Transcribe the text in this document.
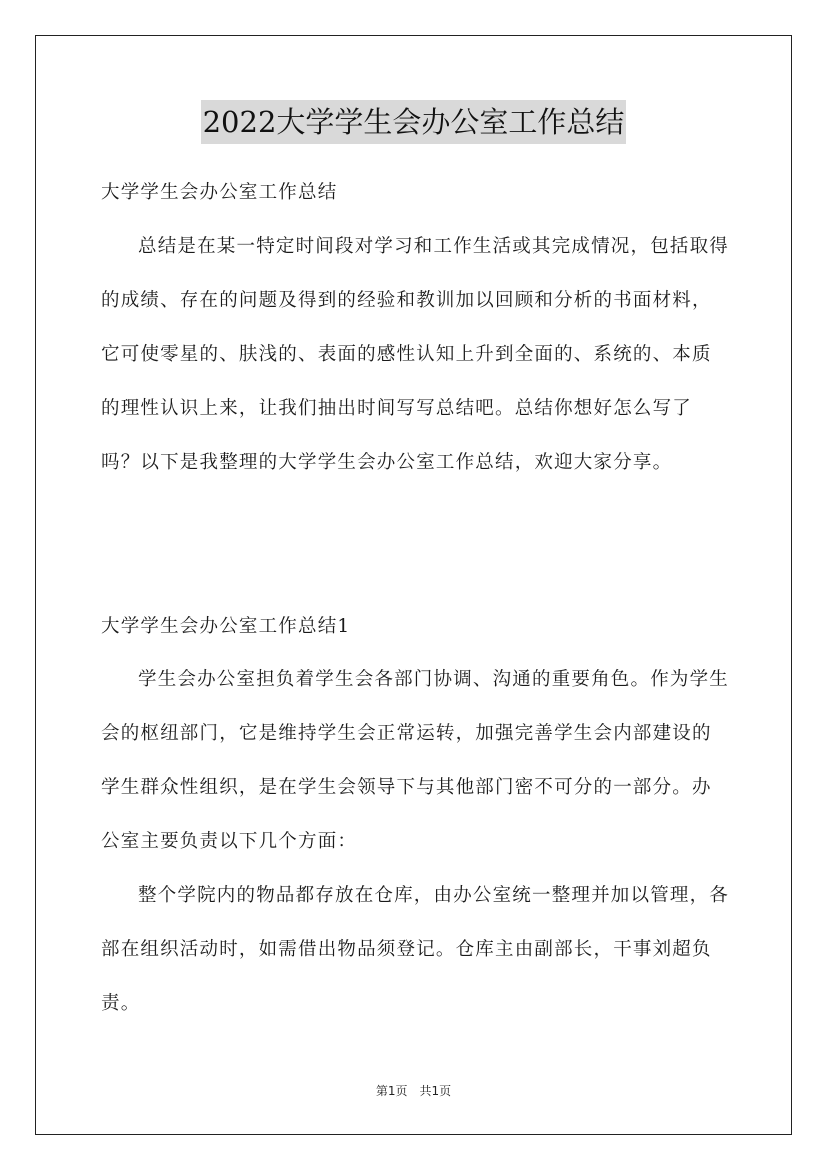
2022大学学生会办公室工作总结
大学学生会办公室工作总结
总结是在某一特定时间段对学习和工作生活或其完成情况，包括取得的成绩、存在的问题及得到的经验和教训加以回顾和分析的书面材料，它可使零星的、肤浅的、表面的感性认知上升到全面的、系统的、本质的理性认识上来，让我们抽出时间写写总结吧。总结你想好怎么写了吗？以下是我整理的大学学生会办公室工作总结，欢迎大家分享。
大学学生会办公室工作总结1
学生会办公室担负着学生会各部门协调、沟通的重要角色。作为学生会的枢纽部门，它是维持学生会正常运转，加强完善学生会内部建设的学生群众性组织，是在学生会领导下与其他部门密不可分的一部分。办公室主要负责以下几个方面：
整个学院内的物品都存放在仓库，由办公室统一整理并加以管理，各部在组织活动时，如需借出物品须登记。仓库主由副部长，干事刘超负责。
第1页 共1页
